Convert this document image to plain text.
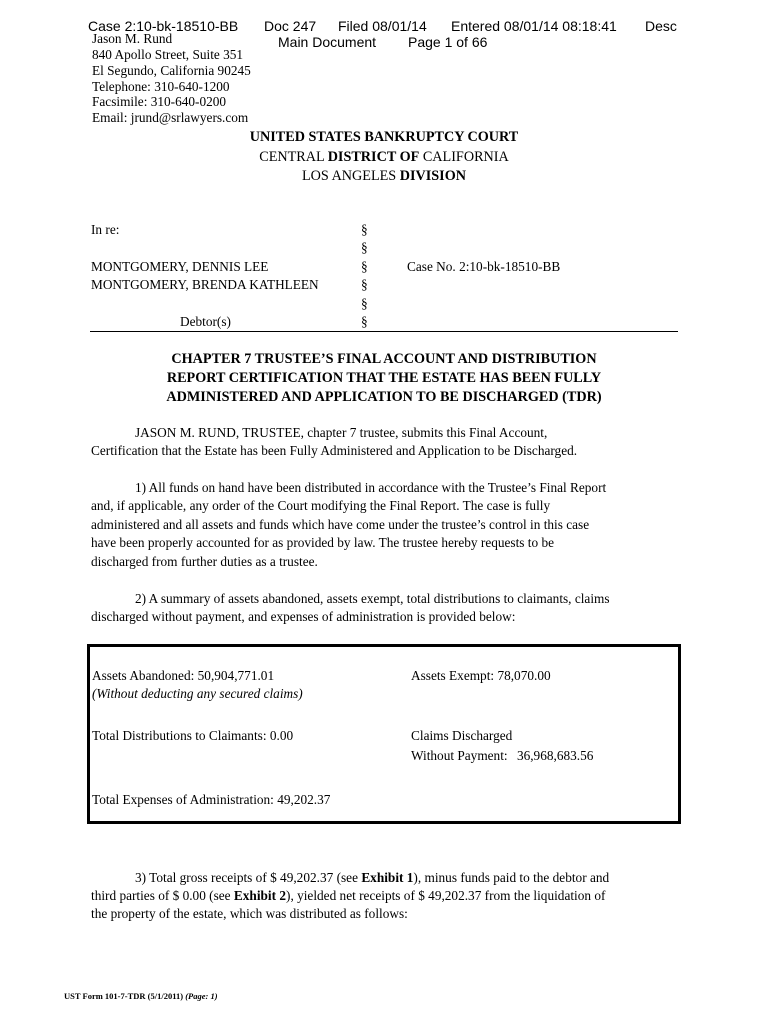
Case 2:10-bk-18510-BB Doc 247 Filed 08/01/14 Entered 08/01/14 08:18:41 Desc
Main Document Page 1 of 66
Jason M. Rund
840 Apollo Street, Suite 351
El Segundo, California 90245
Telephone: 310-640-1200
Facsimile: 310-640-0200
Email: jrund@srlawyers.com
UNITED STATES BANKRUPTCY COURT
CENTRAL DISTRICT OF CALIFORNIA
LOS ANGELES DIVISION
In re:
MONTGOMERY, DENNIS LEE
MONTGOMERY, BRENDA KATHLEEN
Debtor(s)
Case No. 2:10-bk-18510-BB
§
§
§
§
§
§
CHAPTER 7 TRUSTEE’S FINAL ACCOUNT AND DISTRIBUTION
REPORT CERTIFICATION THAT THE ESTATE HAS BEEN FULLY
ADMINISTERED AND APPLICATION TO BE DISCHARGED (TDR)
JASON M. RUND, TRUSTEE, chapter 7 trustee, submits this Final Account,
Certification that the Estate has been Fully Administered and Application to be Discharged.
1) All funds on hand have been distributed in accordance with the Trustee’s Final Report
and, if applicable, any order of the Court modifying the Final Report. The case is fully
administered and all assets and funds which have come under the trustee’s control in this case
have been properly accounted for as provided by law. The trustee hereby requests to be
discharged from further duties as a trustee.
2) A summary of assets abandoned, assets exempt, total distributions to claimants, claims
discharged without payment, and expenses of administration is provided below:
Assets Abandoned: 50,904,771.01
(Without deducting any secured claims)
Assets Exempt: 78,070.00
Total Distributions to Claimants: 0.00	Claims Discharged
Without Payment: 36,968,683.56
Total Expenses of Administration: 49,202.37
3) Total gross receipts of $ 49,202.37 (see Exhibit 1), minus funds paid to the debtor and
third parties of $ 0.00 (see Exhibit 2), yielded net receipts of $ 49,202.37 from the liquidation of
the property of the estate, which was distributed as follows:
UST Form 101-7-TDR (5/1/2011) (Page: 1)
